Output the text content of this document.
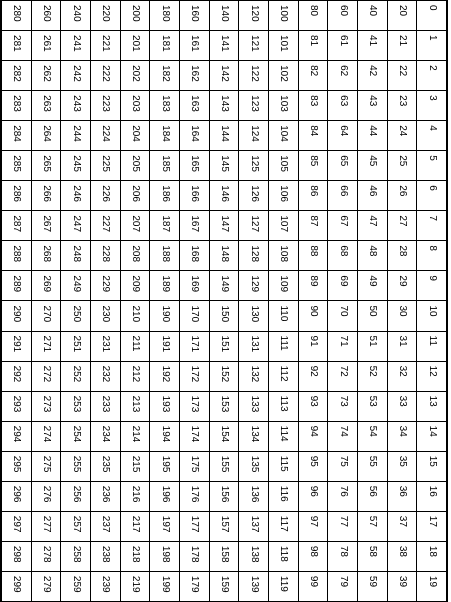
0	1	2	3	4	5	6	7	8	9	10	11	12	13	14	15	16	17	18	19
20	21	22	23	24	25	26	27	28	29	30	31	32	33	34	35	36	37	38	39
40	41	42	43	44	45	46	47	48	49	50	51	52	53	54	55	56	57	58	59
60	61	62	63	64	65	66	67	68	69	70	71	72	73	74	75	76	77	78	79
80	81	82	83	84	85	86	87	88	89	90	91	92	93	94	95	96	97	98	99
100	101	102	103	104	105	106	107	108	109	110	111	112	113	114	115	116	117	118	119
120	121	122	123	124	125	126	127	128	129	130	131	132	133	134	135	136	137	138	139
140	141	142	143	144	145	146	147	148	149	150	151	152	153	154	155	156	157	158	159
160	161	162	163	164	165	166	167	168	169	170	171	172	173	174	175	176	177	178	179
180	181	182	183	184	185	186	187	188	189	190	191	192	193	194	195	196	197	198	199
200	201	202	203	204	205	206	207	208	209	210	211	212	213	214	215	216	217	218	219
220	221	222	223	224	225	226	227	228	229	230	231	232	233	234	235	236	237	238	239
240	241	242	243	244	245	246	247	248	249	250	251	252	253	254	255	256	257	258	259
260	261	262	263	264	265	266	267	268	269	270	271	272	273	274	275	276	277	278	279
280	281	282	283	284	285	286	287	288	289	290	291	292	293	294	295	296	297	298	299
